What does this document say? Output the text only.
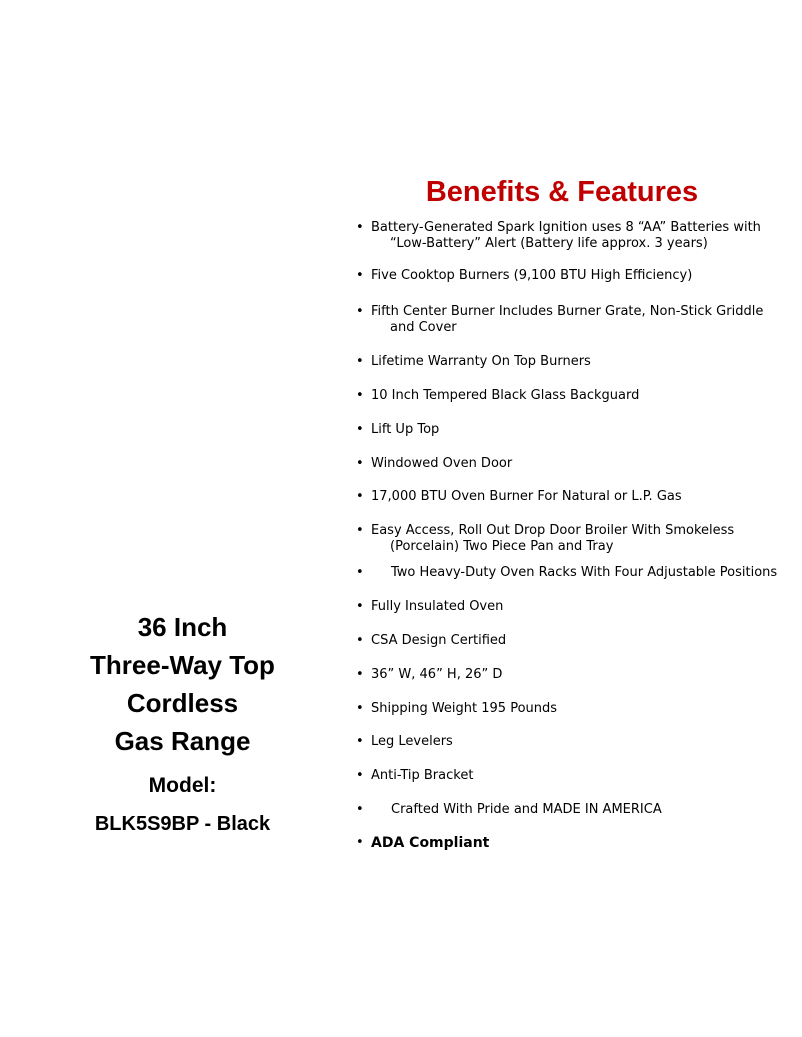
Benefits & Features
36 Inch
Three-Way Top
Cordless
Gas Range
Model:
BLK5S9BP - Black
• Battery-Generated Spark Ignition uses 8 “AA” Batteries with
“Low-Battery” Alert (Battery life approx. 3 years)
• Five Cooktop Burners (9,100 BTU High Efficiency)
• Fifth Center Burner Includes Burner Grate, Non-Stick Griddle
and Cover
• Lifetime Warranty On Top Burners
• 10 Inch Tempered Black Glass Backguard
• Lift Up Top
• Windowed Oven Door
• 17,000 BTU Oven Burner For Natural or L.P. Gas
• Easy Access, Roll Out Drop Door Broiler With Smokeless
(Porcelain) Two Piece Pan and Tray
•	Two Heavy-Duty Oven Racks With Four Adjustable Positions
• Fully Insulated Oven
• CSA Design Certified
• 36” W, 46” H, 26” D
• Shipping Weight 195 Pounds
• Leg Levelers
• Anti-Tip Bracket
•	Crafted With Pride and MADE IN AMERICA
• ADA Compliant
